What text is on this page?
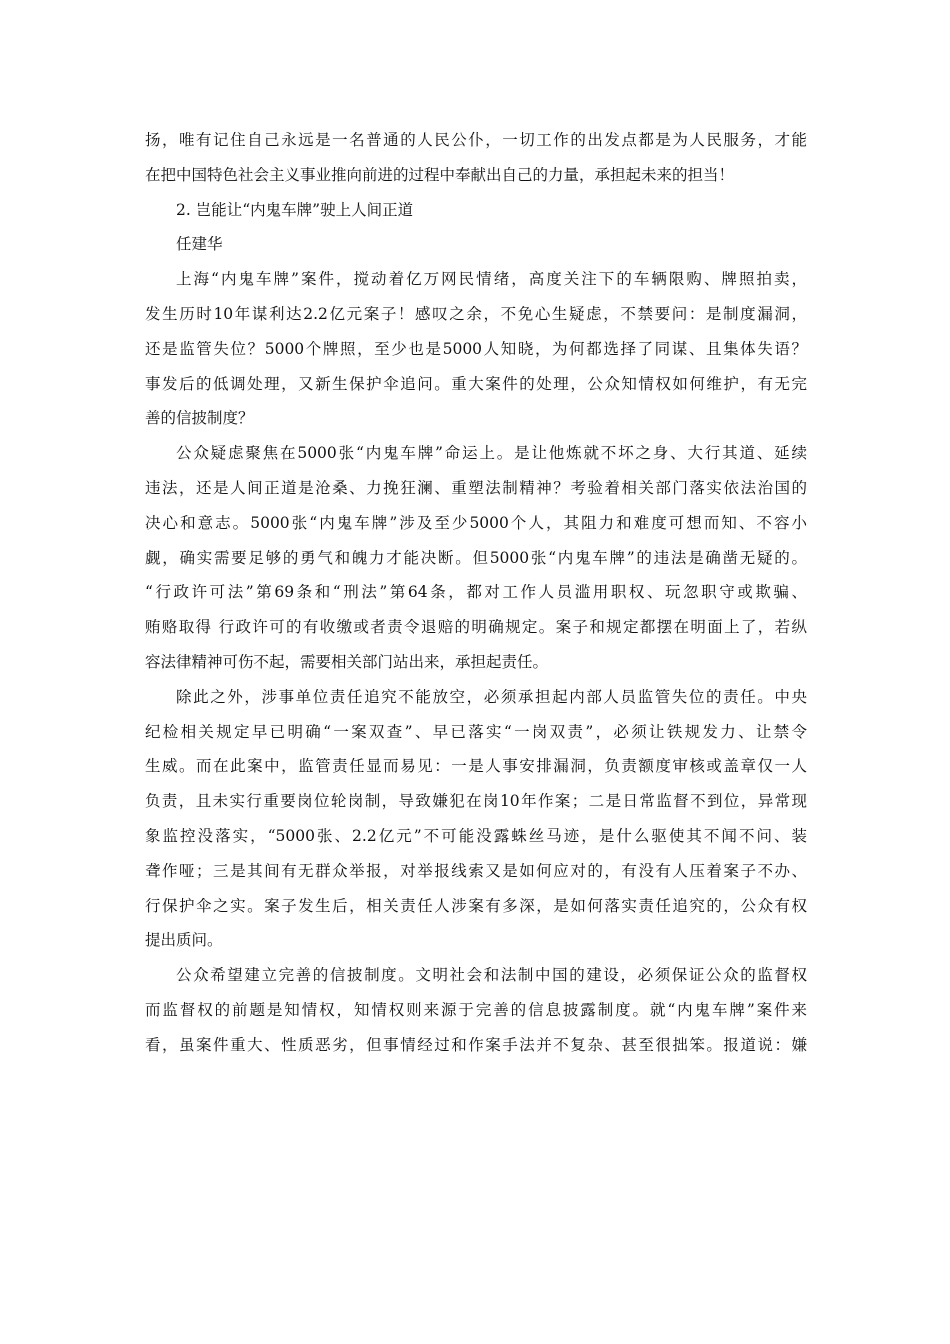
扬，唯有记住自己永远是一名普通的人民公仆，一切工作的出发点都是为人民服务，才能
在把中国特色社会主义事业推向前进的过程中奉献出自己的力量，承担起未来的担当！
2. 岂能让“内鬼车牌”驶上人间正道
任建华
上海“内鬼车牌”案件，搅动着亿万网民情绪，高度关注下的车辆限购、牌照拍卖，
发生历时10年谋利达2.2亿元案子！感叹之余，不免心生疑虑，不禁要问：是制度漏洞，
还是监管失位？5000个牌照，至少也是5000人知晓，为何都选择了同谋、且集体失语？
事发后的低调处理，又新生保护伞追问。重大案件的处理，公众知情权如何维护，有无完
善的信披制度？
公众疑虑聚焦在5000张“内鬼车牌”命运上。是让他炼就不坏之身、大行其道、延续
违法，还是人间正道是沧桑、力挽狂澜、重塑法制精神？考验着相关部门落实依法治国的
决心和意志。5000张“内鬼车牌”涉及至少5000个人，其阻力和难度可想而知、不容小
觑，确实需要足够的勇气和魄力才能决断。但5000张“内鬼车牌”的违法是确凿无疑的。
“行政许可法”第69条和“刑法”第64条，都对工作人员滥用职权、玩忽职守或欺骗、
贿赂取得 行政许可的有收缴或者责令退赔的明确规定。案子和规定都摆在明面上了，若纵
容法律精神可伤不起，需要相关部门站出来，承担起责任。
除此之外，涉事单位责任追究不能放空，必须承担起内部人员监管失位的责任。中央
纪检相关规定早已明确“一案双查”、早已落实“一岗双责”，必须让铁规发力、让禁令
生威。而在此案中，监管责任显而易见：一是人事安排漏洞，负责额度审核或盖章仅一人
负责，且未实行重要岗位轮岗制，导致嫌犯在岗10年作案；二是日常监督不到位，异常现
象监控没落实，“5000张、2.2亿元”不可能没露蛛丝马迹，是什么驱使其不闻不问、装
聋作哑；三是其间有无群众举报，对举报线索又是如何应对的，有没有人压着案子不办、
行保护伞之实。案子发生后，相关责任人涉案有多深，是如何落实责任追究的，公众有权
提出质问。
公众希望建立完善的信披制度。文明社会和法制中国的建设，必须保证公众的监督权
而监督权的前题是知情权，知情权则来源于完善的信息披露制度。就“内鬼车牌”案件来
看，虽案件重大、性质恶劣，但事情经过和作案手法并不复杂、甚至很拙笨。报道说：嫌
